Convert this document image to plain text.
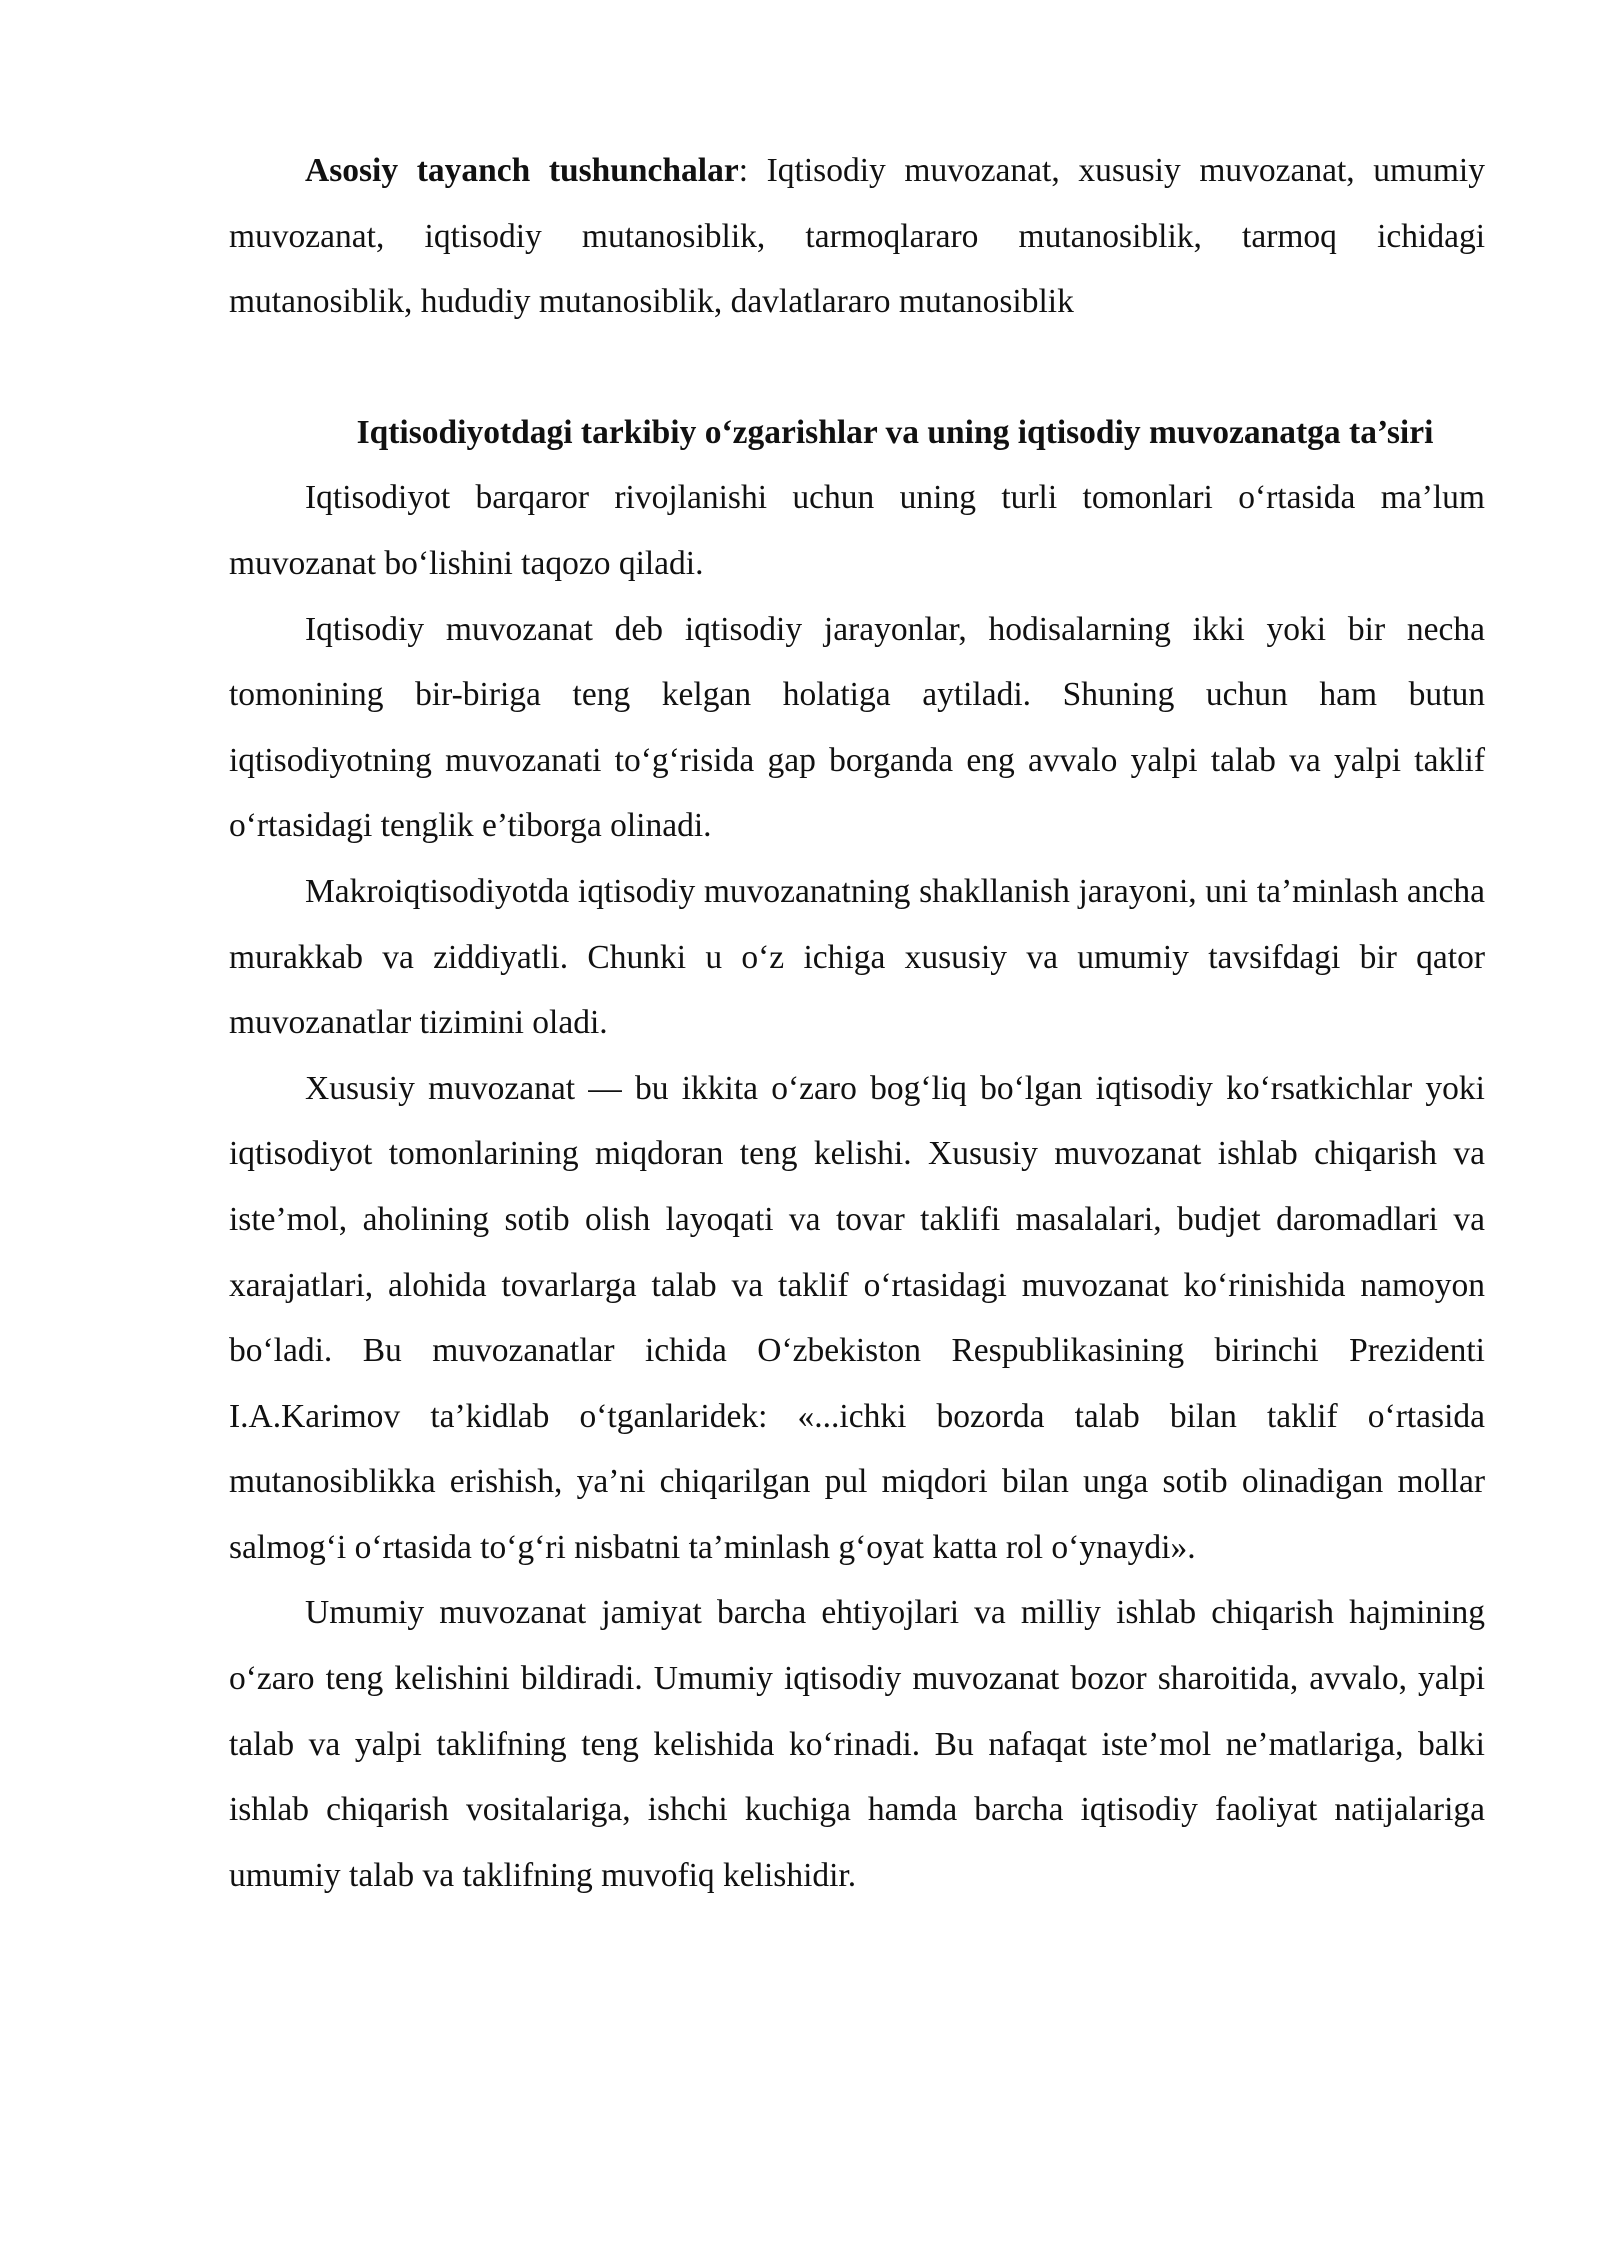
Asosiy tayanch tushunchalar: Iqtisodiy muvozanat, xususiy muvozanat, umumiy muvozanat, iqtisodiy mutanosiblik, tarmoqlararo mutanosiblik, tarmoq ichidagi mutanosiblik, hududiy mutanosiblik, davlatlararo mutanosiblik

Iqtisodiyotdagi tarkibiy o‘zgarishlar va uning iqtisodiy muvozanatga ta’siri

Iqtisodiyot barqaror rivojlanishi uchun uning turli tomonlari o‘rtasida ma’lum muvozanat bo‘lishini taqozo qiladi.

Iqtisodiy muvozanat deb iqtisodiy jarayonlar, hodisalarning ikki yoki bir necha tomonining bir-biriga teng kelgan holatiga aytiladi. Shuning uchun ham butun iqtisodiyotning muvozanati to‘g‘risida gap borganda eng avvalo yalpi talab va yalpi taklif o‘rtasidagi tenglik e’tiborga olinadi.

Makroiqtisodiyotda iqtisodiy muvozanatning shakllanish jarayoni, uni ta’minlash ancha murakkab va ziddiyatli. Chunki u o‘z ichiga xususiy va umumiy tavsifdagi bir qator muvozanatlar tizimini oladi.

Xususiy muvozanat — bu ikkita o‘zaro bog‘liq bo‘lgan iqtisodiy ko‘rsatkichlar yoki iqtisodiyot tomonlarining miqdoran teng kelishi. Xususiy muvozanat ishlab chiqarish va iste’mol, aholining sotib olish layoqati va tovar taklifi masalalari, budjet daromadlari va xarajatlari, alohida tovarlarga talab va taklif o‘rtasidagi muvozanat ko‘rinishida namoyon bo‘ladi. Bu muvozanatlar ichida O‘zbekiston Respublikasining birinchi Prezidenti I.A.Karimov ta’kidlab o‘tganlaridek: «...ichki bozorda talab bilan taklif o‘rtasida mutanosiblikka erishish, ya’ni chiqarilgan pul miqdori bilan unga sotib olinadigan mollar salmog‘i o‘rtasida to‘g‘ri nisbatni ta’minlash g‘oyat katta rol o‘ynaydi».

Umumiy muvozanat jamiyat barcha ehtiyojlari va milliy ishlab chiqarish hajmining o‘zaro teng kelishini bildiradi. Umumiy iqtisodiy muvozanat bozor sharoitida, avvalo, yalpi talab va yalpi taklifning teng kelishida ko‘rinadi. Bu nafaqat iste’mol ne’matlariga, balki ishlab chiqarish vositalariga, ishchi kuchiga hamda barcha iqtisodiy faoliyat natijalariga umumiy talab va taklifning muvofiq kelishidir.
